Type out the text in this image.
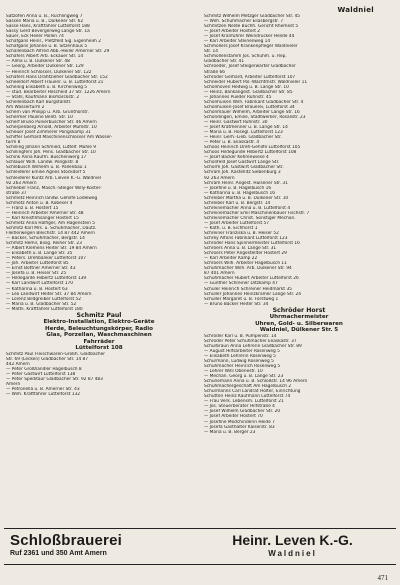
Waldniel
Satzofen Anna u. B., Ruchlingweg 7
Sassen Maria u. B., Dülkener Str. 62
Sasse Hans, Kraftfahrer Lüttelforst 188
Sassy Gerd Bevergerweg Länge Str. 1a
Sauer, Eck Heiler Pollen 74
Schafgans Heinr., Pletzfeld Sig. Eigenheim 2
Schafgans Johanne u. B. Sitzenhaus 5
Schallenbach Alfred Abb.-Heiler Amerner Str. 29
Schäfers Albert Arb. Eckauer Str. 14
— Alma u. B. Dülkener Str. 48
— Georg, Arbeiter Dülkener Str. 129
— Heinrich Schlosser, Dülkener Str. 122
Schäfers Hans Drahtzieher Gladbacher Str. 152
Scheeldorf Albert Frauenr. u. B. Lüttelforst 21
Scheinig Elisabeth u. B. Kirchenweg 5
— stud. Bearbeiter Hilscheid 37 Str. 1226 Amern
— Stahl, Kaufmann Bismarckstr. 2
Schellenbach Karl Bürgstallstr.
Am Wasserturm 2
Schern van Philipp u. Arb. Grünthorstr.
Schermer Pauline Bentl. Str. 10
Scherf Bruno Pulverbuscher Str. 46 Amern
Scherpenberg Arnold, Arbeiter Mühlstr. 10
Scheuer Josef Zimmerer Pongskamp 31
Schiffer Gerhard Maschinenschlosser Am Wasser-
turm 8
Schilling Johann Schmied, Lüttelf. Mühle 9
Schillingfers Joh. Pens. Gladbacher Str. 10
Schink Anna Kaufm. Buschenwerg 17
Schlauer Wilh. Landw. Pongkstr. 8
Schlebusch Wilhelm u. B. Pallenbau 1
Schleiderer Emilie Agnes Stockdorf 5
Schleiderer Kuntz Arb. Lieven K.-G. Waldniel
92 263 Amern
Schlieber Franz, Masch.-Steiger Willy-Köster-
straße 37
Schmetz Heinrich landw. Gehilfe Lodelweg
Schmetz Anton u. B. Kobeser 4
— Franz u. B. Hostert 15
— Heinrich Arbeiter Amerner Str. 48
— Karl Kreisfilmsänger Hostert 15
Schmetz Anna Hälfiger, Am Hagenstein 5
Schmitz Karl Mrs. u. Schuhmacher, Dautz.
Fleitlerwegen Bleichstr. 14 87 442 Amern
— Bäcker, Schuhmacher, Bergstr. 14
Schmitz Hemil, Bisig. Reiher Str. 23
— Albert Klemens Heiter Str. 19 84 Amern
— Elisabeth u. B. Lange Str. 35
— Peters. Drehbänker Lüttelforst 107
— Joh. Arbeiter Lüttelforst 85
— Ernst Böttner Amerner Str. 43
— Josefa u. B. Heiser Str. 25
— Hildegarde Hilbertz Lüttelforst 139
— Karl Landwirt Lüttelforst 170
— Katharina u. B. Hostert 63
— Leo Landwirt Heiter Str. 37 84 Amern
— Lorenz Bildgreiber Lüttelforst 52
— Maria u. B. Gladbacher Str. 52
— Mathi. Kraftfahrer Lüttelforst 180
Schmitz Paul
Elektro-Installation, Elektro-Geräte
Herde, Beleuchtungskörper, Radio
Glas, Porzellan, Waschmaschinen
Fahrräder
Lüttelforst 108
Schmitz Paul Fleischwaren-Großh. Gladbacher
Str. 69 (Lecken) Gladbacher Str. 14 87
442 Amern
— Peter Großhändler Hagelbusch 8
— Peter Gastwirt Lüttelforst 138
— Peter Speditaur Gladbacher Str. 92 87 483
Amern
— Petronella u. B. Amerner Str. 43
— Wilh. Kraftfahrer Lüttelforst 132
Schmitz Wilhelm Metzger Gladbacher Str. 45
— Wilh. Schuhmacher Eliasbergstr. 7
Schmitzen Nelde Buchh. Gericht Rhemest 5
— Josef Arbeiter Hostert 2
— Josef Kranführer Weindrucker Heilde 44
— Karl Arbeiter Steinenweg 14
Schmöllers Josef Krankenpfleger Waldnieler
Str. 14
Schmöllenstamm Jos. Schuhm. u. Rep.
Gladbacher Str. 41
Schroeder, Josef Steigerwärter Gladbacher
Straße 66
Schröder Gerhard, Arbeiter Lüttelforst 107
Schneider Hubert Pol.-Wachtmstr. Waldnieler 11
Schönhoven Hedwig u. B. Lange Str. 10
— Heinz, Bankangest. Gladbacher Str. 85
— Johannes Pueder Rühnstr. 45
Schönhuisen Wilh. Fabrikant Gladbacher Str. 4
Schönhuisen-Josef Brauerei, Lüttelforst 34
Schönmauer Wilhelm, Arbeiter Lange Str. 16
Schöndingen, Emilie, Stadtwerker, Rosalistr. 23
— Heinr. Gastwirt Rühnstr. 30
— Josef Kratmenner u. B. Lange Str. 14
— Maria u. B. Rosegl. Lüttelforst 123
— Heinr. Gerh.-Lieb. Gladbacher Str.
— Peter u. B. Eliaskastr. 4
Schoos Heinrich Dreh-Gehilfe Lüttelforst 105
Schoos Hildegunde Hilbertz Lüttelforst 108
— Josef Bäcker Kehrenwiese 4
Schönfeld Josef Gastwirt Lange Str.
Schorm Joh. Gastwirt Gladbacher Str.
Schram Joh. Kastellitz Siebenburg 3
92 263 Amern
Schram Heinr. Angest. Hülsener Str. 31
— Josefine u. B. Hagelbusch 16
— Katharina u. B. Hagelbusch 16
Schreiber Martha u. B. Dülkener Str. 10
Schreiber Karl u. B. Bergstr. 14
Schreinemacher Anna u. B. Lüttelforst 4
Schreinemacher Emil Maschinenbauer Fischstr. 7
Schreinemacher Christ. Sonstiger Mechan.
— Josef Arbeiter Lüttelforst 57
— Kath. u. B. Eichhorst 1
Schreiner Franziska u. B. Heiser 52
Schrey Alfons Fabrikant Lüttelforst 123
Schröder Hans Spinnermeister Lüttelforst 16
Schroers Anna u. B. Lange Str. 31
Schroers Peter Angestellter Hostert 29
— Karl Arbeiter Kamp 22
Schroers Wilh. Arbeiter Hagelbusch 11
Schuhmacher Wilh. Arb. Dülkener Str. 94
87 401 Amern
Schuhmacher Hubert Arbeiter Lüttelforst 26
— Günther Schreiner Ditzkamp 47
Schüler Heinrich Schreiner Heidmarkt 35
Schüller Johannes Heinzkramer Lange Str. 24
Schüller Margaret u. B. Forstweg 1
— Bruno Bäcker Heiter Str. 34
Schröder Horst
Uhrmachermeister
Uhren, Gold- u. Silberwaren
Waldniel, Dülkener Str. 5
Schröder Karl u. B. Pumpenstr. 14
Schröder Peter Schuhmacher Eliaskastr. 37
Schürbraun Anna Lehrerin Gladbacher Str. 89
— August Hilfsarbeiter Rosenweg 5
— Elisabeth Lehrerin Rosenweg 5
Schürmann, Ludwig Rosenweg 5
Schuhmacher Heinrich Rosenweg 5
— Lehrer Willi Obenestr. 10
— Mechan. Georg u. B. Lange Str. 23
Schünemann Anna u. B. Schloßstr. 14 96 Amern
Schuhmachergeschäft Am Hagelbusch 2
Schürmanns Carl Landrat Holter, Einrichtung
Schütten Heinz Kaufmann Lüttelforst 74
— Frau Verk. Lebensm. Lüttelforst 21
— Jos. Steuerberater Hilfstraße 4
— Josef Wilhelm Gladbacher Str. 20
— Josef Arbeiter Hostert 70
— Josefine Mödchinderin Heide 7
— Josefa Gasthalter Kaiserstr. 83
— Maria u. B. Berger 23
Schloßbrauerei
Ruf 2361 und 350 Amt Amern
Heinr. Leven K.-G.
Waldniel
471
